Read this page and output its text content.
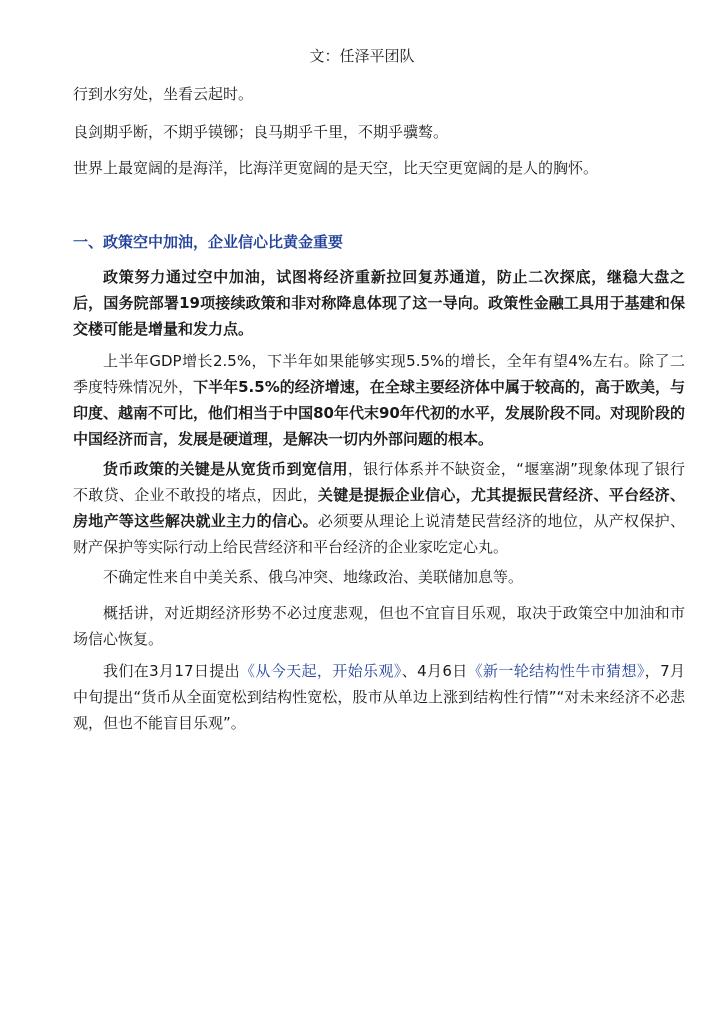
文：任泽平团队

行到水穷处，坐看云起时。

良剑期乎断，不期乎镆铘；良马期乎千里，不期乎骥骜。

世界上最宽阔的是海洋，比海洋更宽阔的是天空，比天空更宽阔的是人的胸怀。

一、政策空中加油，企业信心比黄金重要

政策努力通过空中加油，试图将经济重新拉回复苏通道，防止二次探底，继稳大盘之后，国务院部署19项接续政策和非对称降息体现了这一导向。政策性金融工具用于基建和保交楼可能是增量和发力点。

上半年GDP增长2.5%，下半年如果能够实现5.5%的增长，全年有望4%左右。除了二季度特殊情况外，下半年5.5%的经济增速，在全球主要经济体中属于较高的，高于欧美，与印度、越南不可比，他们相当于中国80年代末90年代初的水平，发展阶段不同。对现阶段的中国经济而言，发展是硬道理，是解决一切内外部问题的根本。

货币政策的关键是从宽货币到宽信用，银行体系并不缺资金，“堰塞湖”现象体现了银行不敢贷、企业不敢投的堵点，因此，关键是提振企业信心，尤其提振民营经济、平台经济、房地产等这些解决就业主力的信心。必须要从理论上说清楚民营经济的地位，从产权保护、财产保护等实际行动上给民营经济和平台经济的企业家吃定心丸。

不确定性来自中美关系、俄乌冲突、地缘政治、美联储加息等。

概括讲，对近期经济形势不必过度悲观，但也不宜盲目乐观，取决于政策空中加油和市场信心恢复。

我们在3月17日提出《从今天起，开始乐观》、4月6日《新一轮结构性牛市猜想》，7月中旬提出“货币从全面宽松到结构性宽松，股市从单边上涨到结构性行情”“对未来经济不必悲观，但也不能盲目乐观”。
